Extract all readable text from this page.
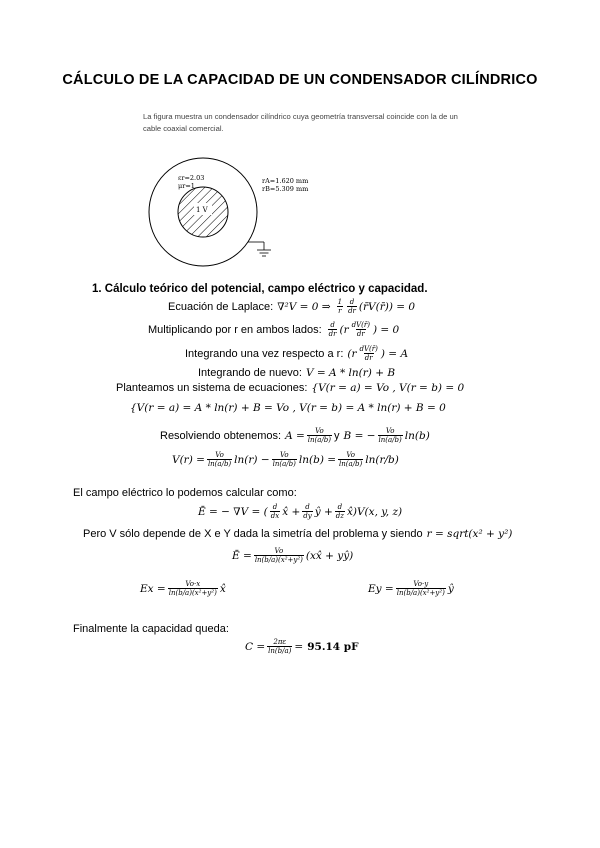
CÁLCULO DE LA CAPACIDAD DE UN CONDENSADOR CILÍNDRICO
La figura muestra un condensador cilíndrico cuya geometría transversal coincide con la de un cable coaxial comercial.
1 V
εr=2.03
μr=1
rA=1.620 mm
rB=5.309 mm
1. Cálculo teórico del potencial, campo eléctrico y capacidad.
Ecuación de Laplace: ∇²V = 0 ⇒ $\frac{1}{r} \frac{d}{dr}$ (r̄V(r̄)) = 0
Multiplicando por r en ambos lados: $\frac{d}{dr} (r \frac{dV(r̄)}{dr}$ ) = 0
Integrando una vez respecto a r: ($r \frac{dV(r̄)}{dr}$ ) = A
Integrando de nuevo: V = A * ln(r) + B
Planteamos un sistema de ecuaciones: {V(r = a) = Vo , V(r = b) = 0
{V(r = a) = A * ln(r) + B = Vo , V(r = b) = A * ln(r) + B = 0
Resolviendo obtenemos: $A = \frac{Vo}{\ln(a/b)}$ y B = − $\frac{Vo}{\ln(a/b)} \ln(b)$
$V(r) = \frac{Vo}{\ln(a/b)} \ln(r) - \frac{Vo}{\ln(a/b)} \ln(b) = \frac{Vo}{\ln(a/b)} \ln(r/b)$
El campo eléctrico lo podemos calcular como:
Ē = − ∇V = ( $\frac{d}{dx}$ x̂ + $\frac{d}{dy}$ ŷ + $\frac{d}{dz}$ x̂)V(x, y, z)
Pero V sólo depende de X e Y dada la simetría del problema y siendo r = sqrt(x² + y²)
Ē = $\frac{Vo}{\text{ln(b/a)(x²+y²)}}$ (xx̂ + yŷ)
$Ex = \frac{Vo\cdot x}{\text{ln(b/a)(x²+y²)}}$ x̂	$Ey = \frac{Vo\cdot y}{\text{ln(b/a)(x²+y²)}}$ ŷ
Finalmente la capacidad queda:
$C = \frac{2\pi\varepsilon}{\ln(b/a)} = 95.14$ pF
